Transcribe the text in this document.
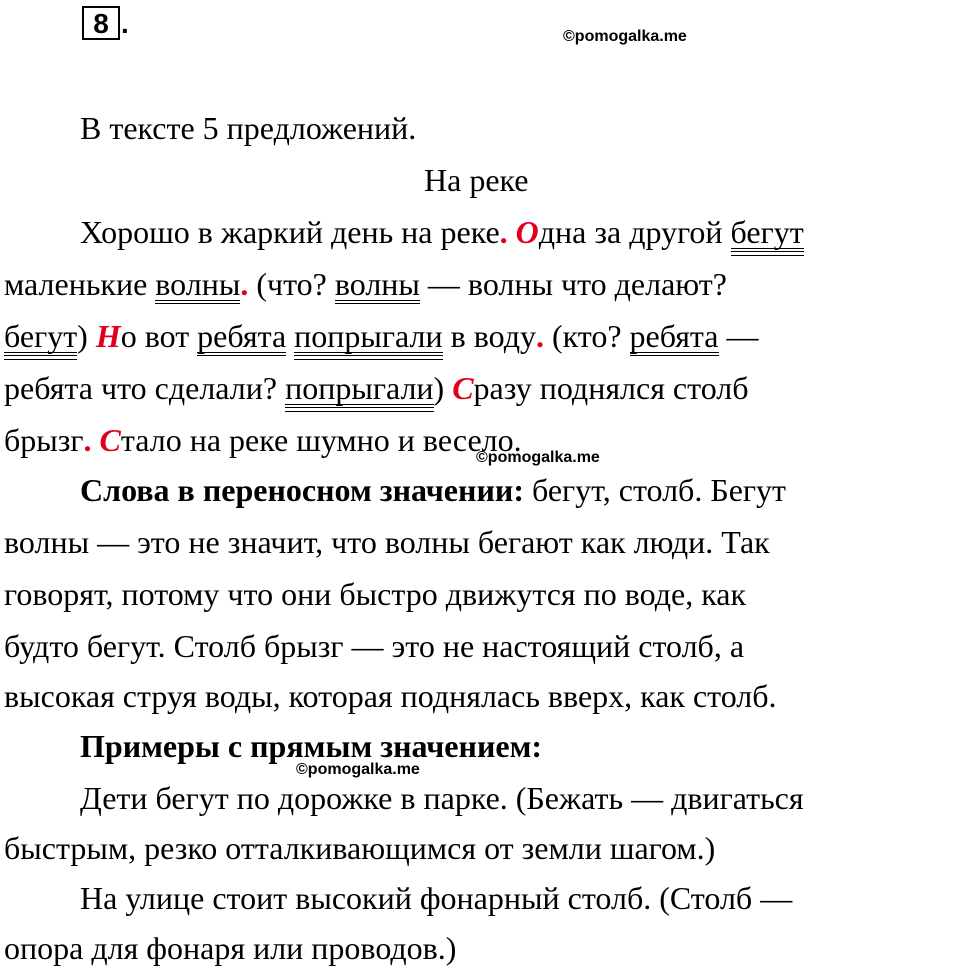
8 .	©pomogalka.me
В тексте 5 предложений.
На реке
Хорошо в жаркий день на реке. Одна за другой бегут
маленькие волны. (что? волны — волны что делают?
бегут) Но вот ребята попрыгали в воду. (кто? ребята —
ребята что сделали? попрыгали) Сразу поднялся столб
брызг. Стало на реке шумно и весело.
©pomogalka.me
Слова в переносном значении: бегут, столб. Бегут
волны — это не значит, что волны бегают как люди. Так
говорят, потому что они быстро движутся по воде, как
будто бегут. Столб брызг — это не настоящий столб, а
высокая струя воды, которая поднялась вверх, как столб.
Примеры с прямым значением:
©pomogalka.me
Дети бегут по дорожке в парке. (Бежать — двигаться
быстрым, резко отталкивающимся от земли шагом.)
На улице стоит высокий фонарный столб. (Столб —
опора для фонаря или проводов.)
